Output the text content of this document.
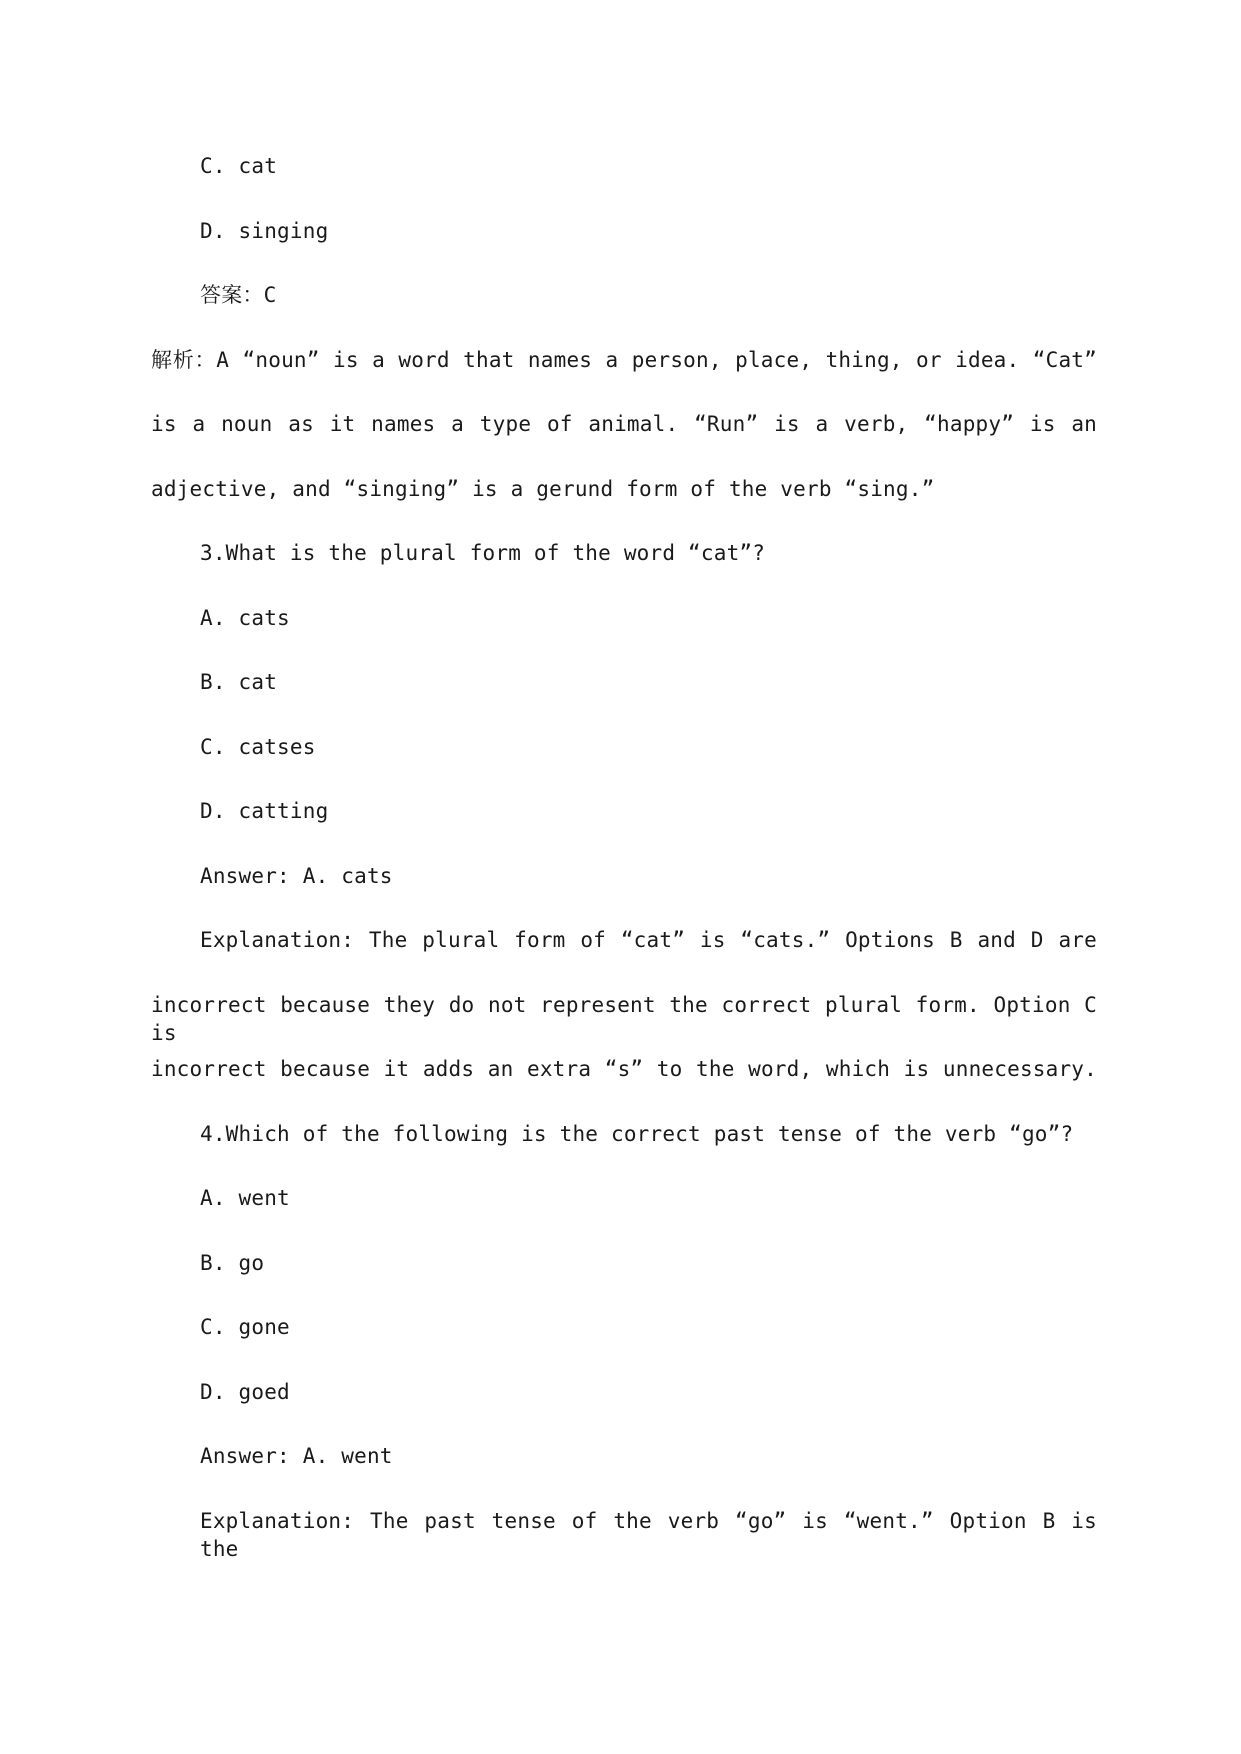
C. cat

D. singing

答案：C

解析：A “noun” is a word that names a person, place, thing, or idea. “Cat”

is a noun as it names a type of animal. “Run” is a verb, “happy” is an

adjective, and “singing” is a gerund form of the verb “sing.”

3.What is the plural form of the word “cat”?

A. cats

B. cat

C. catses

D. catting

Answer: A. cats

Explanation: The plural form of “cat” is “cats.” Options B and D are

incorrect because they do not represent the correct plural form. Option C is

incorrect because it adds an extra “s” to the word, which is unnecessary.

4.Which of the following is the correct past tense of the verb “go”?

A. went

B. go

C. gone

D. goed

Answer: A. went

Explanation: The past tense of the verb “go” is “went.” Option B is the
